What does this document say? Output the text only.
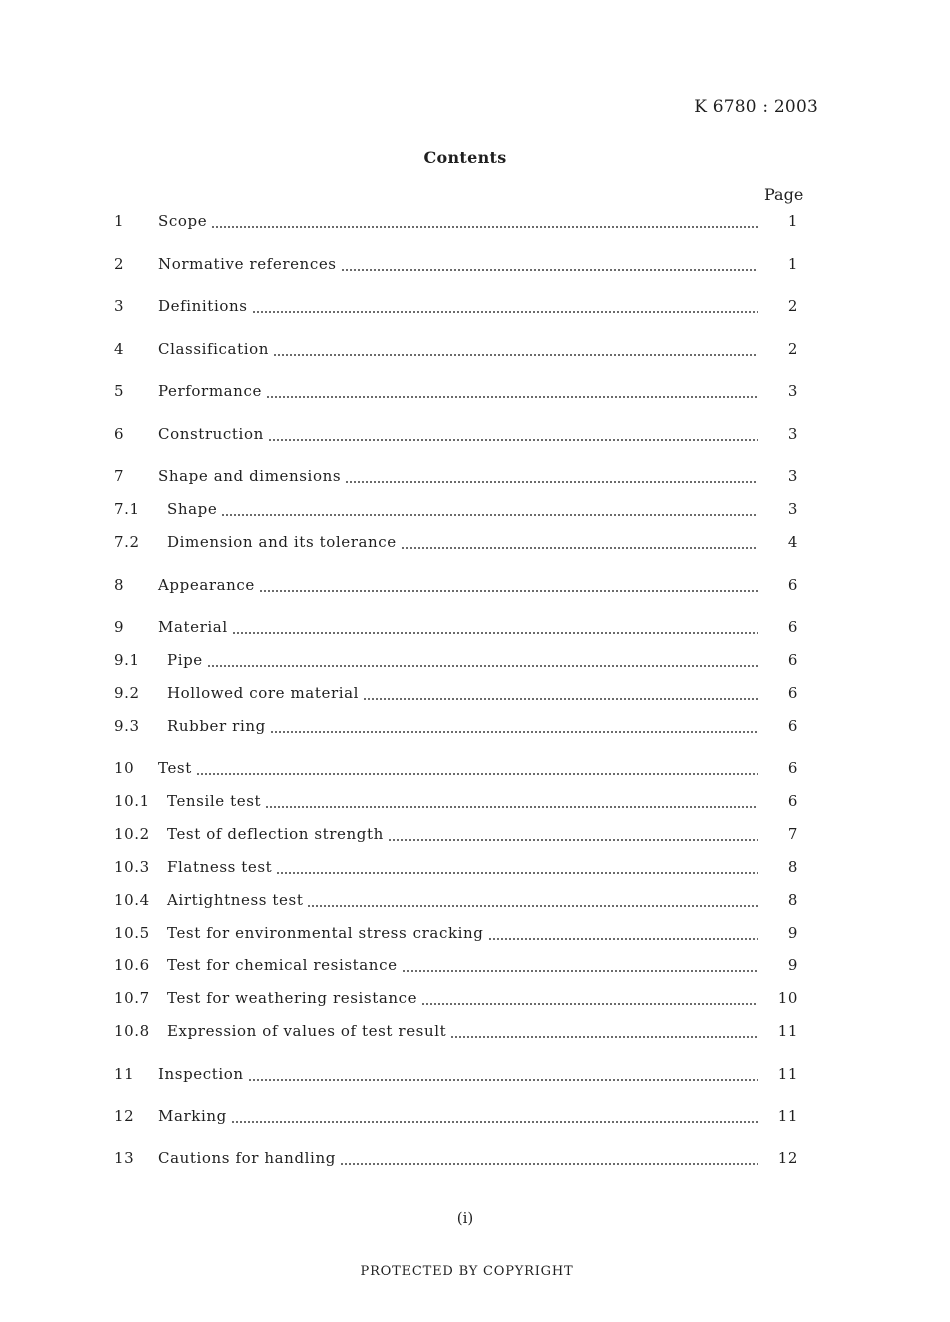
K 6780 : 2003
Contents
Page
1	Scope	1
2	Normative references	1
3	Definitions	2
4	Classification	2
5	Performance	3
6	Construction	3
7	Shape and dimensions	3
7.1	Shape	3
7.2	Dimension and its tolerance	4
8	Appearance	6
9	Material	6
9.1	Pipe	6
9.2	Hollowed core material	6
9.3	Rubber ring	6
10	Test	6
10.1	Tensile test	6
10.2	Test of deflection strength	7
10.3	Flatness test	8
10.4	Airtightness test	8
10.5	Test for environmental stress cracking	9
10.6	Test for chemical resistance	9
10.7	Test for weathering resistance	10
10.8	Expression of values of test result	11
11	Inspection	11
12	Marking	11
13	Cautions for handling	12
(i)
PROTECTED BY COPYRIGHT
